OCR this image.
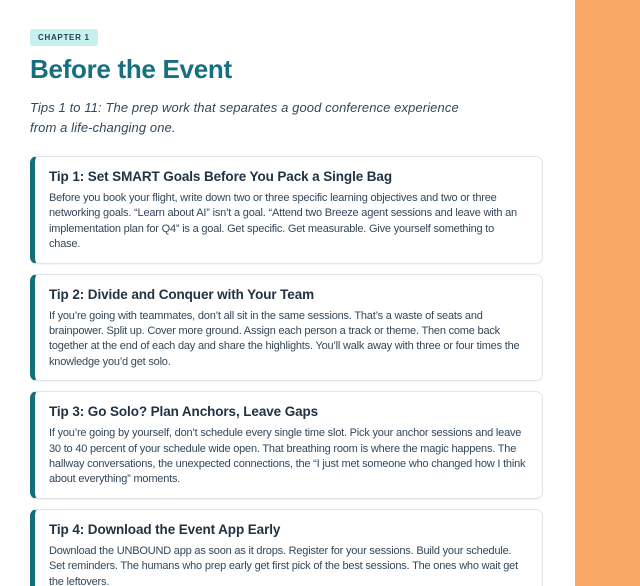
CHAPTER 1
Before the Event

Tips 1 to 11: The prep work that separates a good conference experience from a life-changing one.

Tip 1: Set SMART Goals Before You Pack a Single Bag

Before you book your flight, write down two or three specific learning objectives and two or three networking goals. “Learn about AI” isn’t a goal. “Attend two Breeze agent sessions and leave with an implementation plan for Q4” is a goal. Get specific. Get measurable. Give yourself something to chase.

Tip 2: Divide and Conquer with Your Team

If you’re going with teammates, don’t all sit in the same sessions. That’s a waste of seats and brainpower. Split up. Cover more ground. Assign each person a track or theme. Then come back together at the end of each day and share the highlights. You’ll walk away with three or four times the knowledge you’d get solo.

Tip 3: Go Solo? Plan Anchors, Leave Gaps

If you’re going by yourself, don’t schedule every single time slot. Pick your anchor sessions and leave 30 to 40 percent of your schedule wide open. That breathing room is where the magic happens. The hallway conversations, the unexpected connections, the “I just met someone who changed how I think about everything” moments.

Tip 4: Download the Event App Early

Download the UNBOUND app as soon as it drops. Register for your sessions. Build your schedule. Set reminders. The humans who prep early get first pick of the best sessions. The ones who wait get the leftovers.
